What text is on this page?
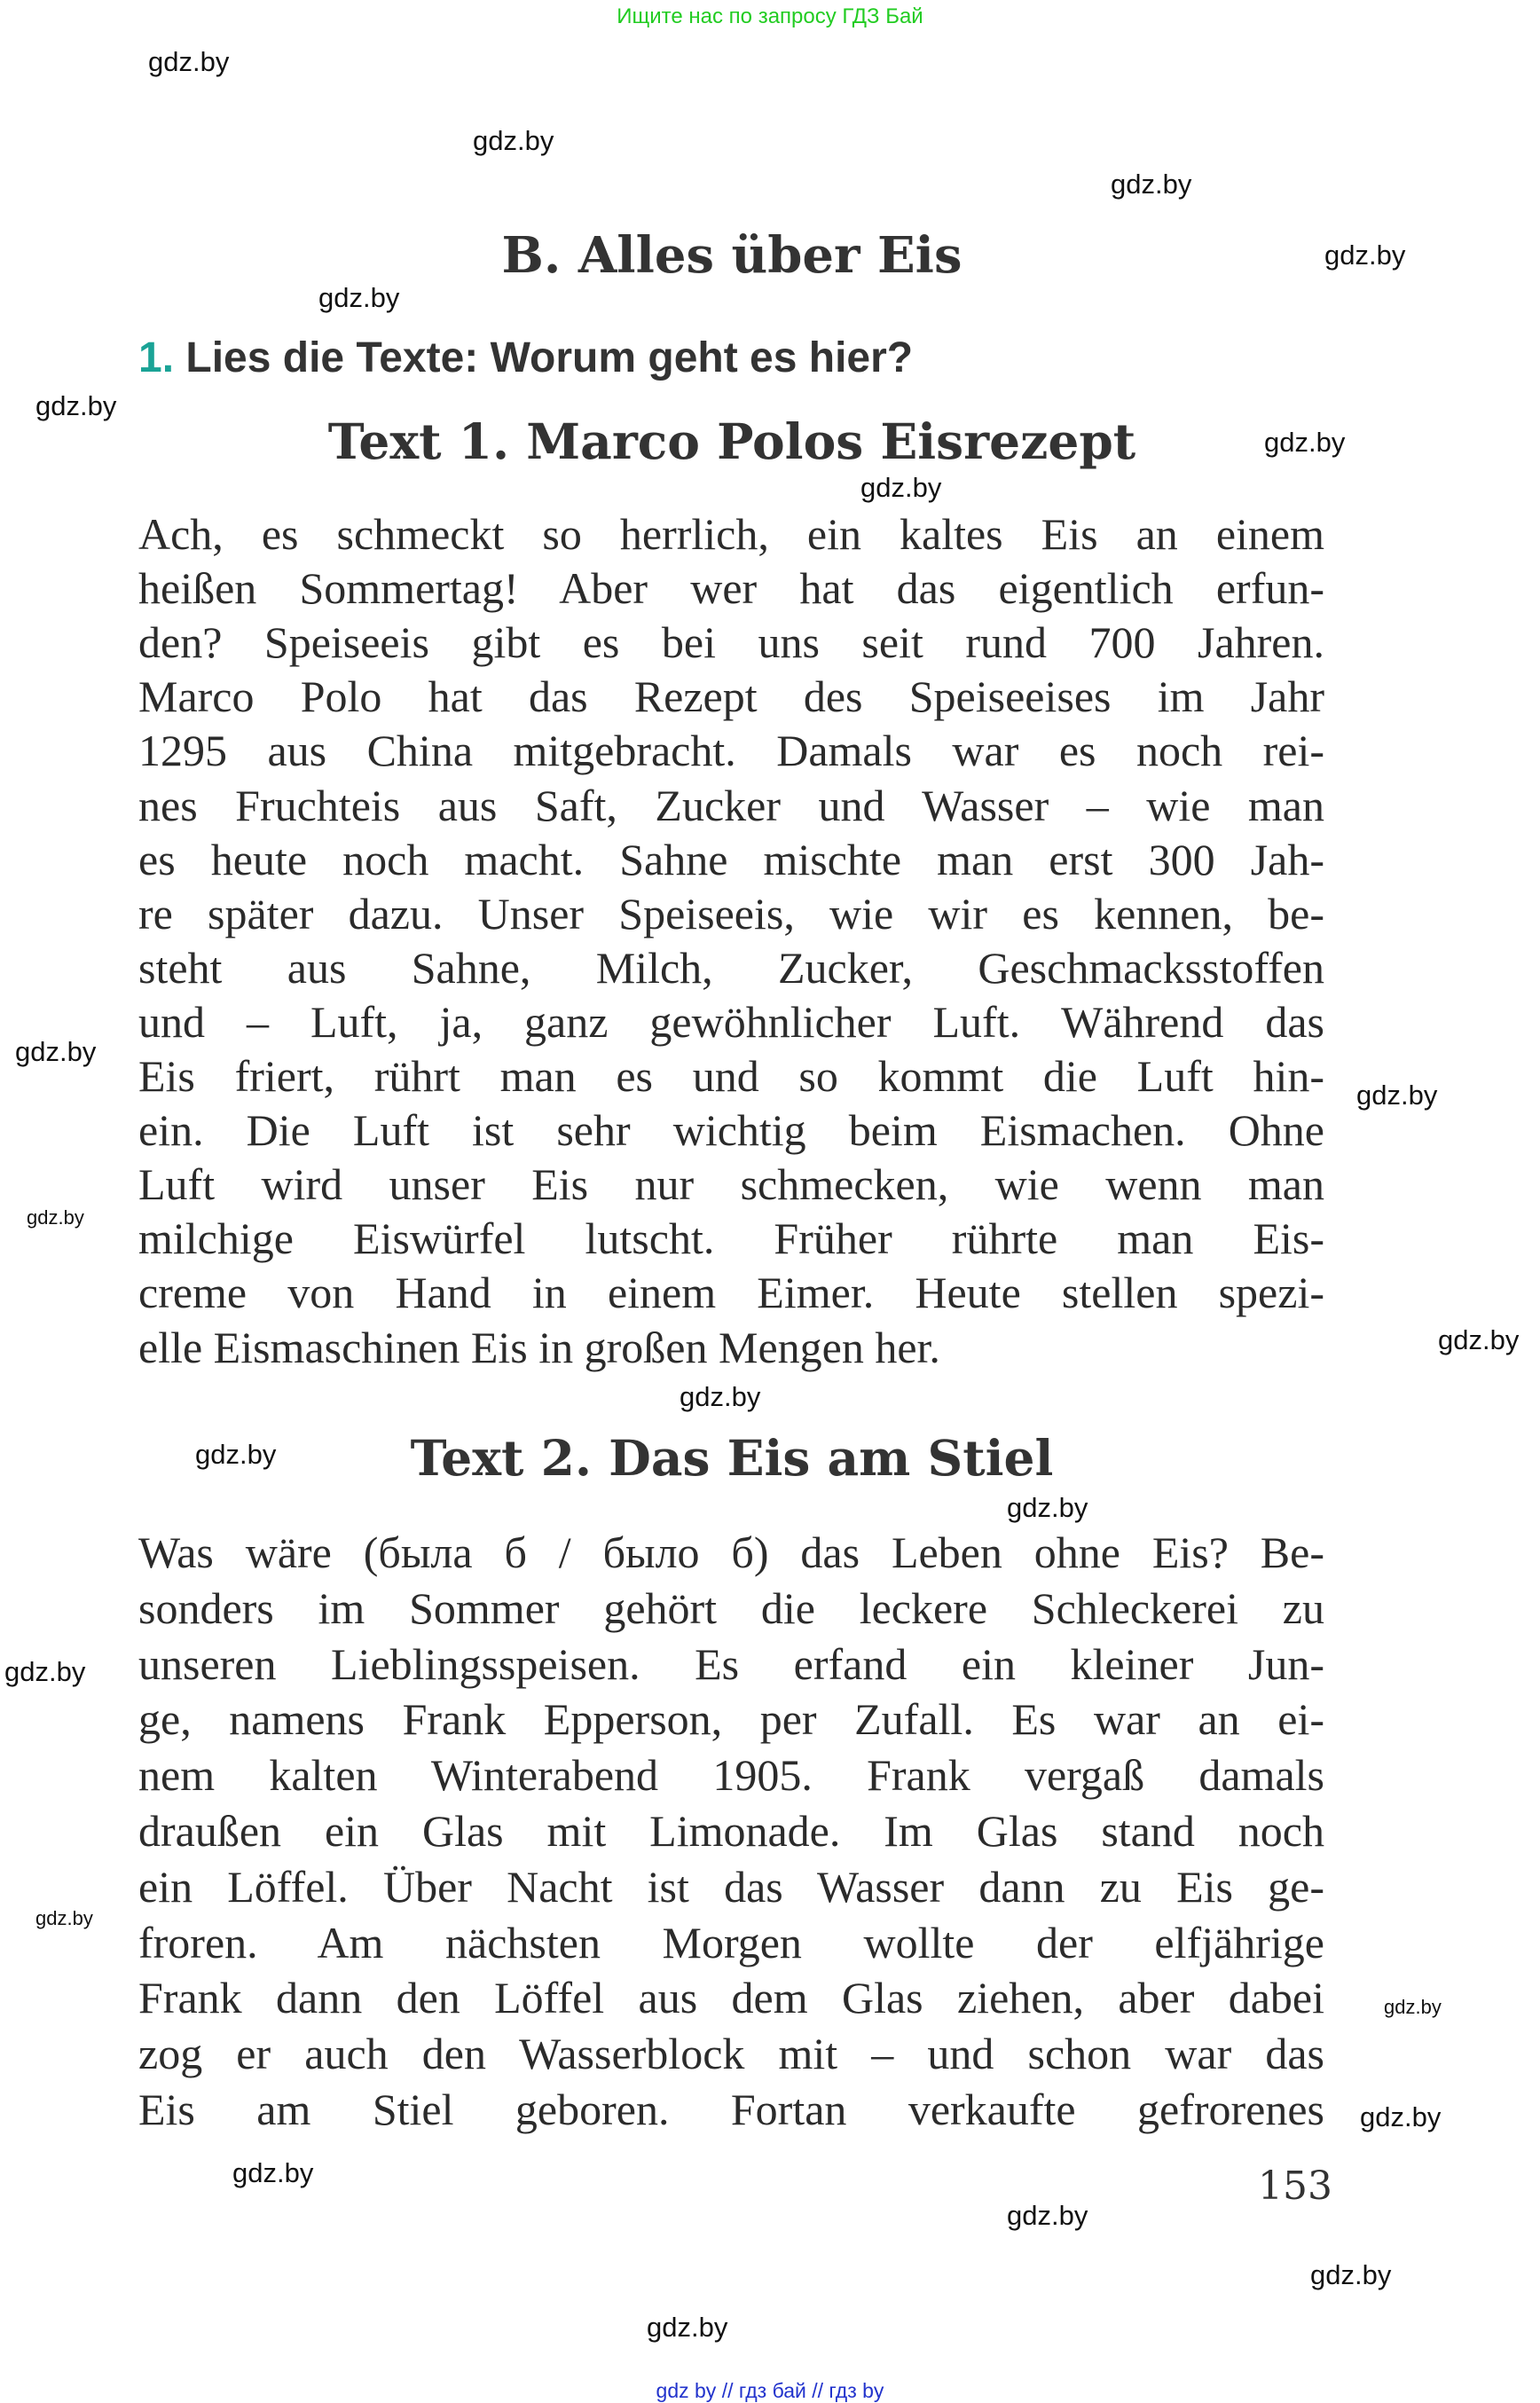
Ищите нас по запросу ГДЗ Бай
B. Alles über Eis
1. Lies die Texte: Worum geht es hier?
Text 1. Marco Polos Eisrezept
Ach, es schmeckt so herrlich, ein kaltes Eis an einem
heißen Sommertag! Aber wer hat das eigentlich erfun-
den? Speiseeis gibt es bei uns seit rund 700 Jahren.
Marco Polo hat das Rezept des Speiseeises im Jahr
1295 aus China mitgebracht. Damals war es noch rei-
nes Fruchteis aus Saft, Zucker und Wasser – wie man
es heute noch macht. Sahne mischte man erst 300 Jah-
re später dazu. Unser Speiseeis, wie wir es kennen, be-
steht aus Sahne, Milch, Zucker, Geschmacksstoffen
und – Luft, ja, ganz gewöhnlicher Luft. Während das
Eis friert, rührt man es und so kommt die Luft hin-
ein. Die Luft ist sehr wichtig beim Eismachen. Ohne
Luft wird unser Eis nur schmecken, wie wenn man
milchige Eiswürfel lutscht. Früher rührte man Eis-
creme von Hand in einem Eimer. Heute stellen spezi-
elle Eismaschinen Eis in großen Mengen her.
Text 2. Das Eis am Stiel
Was wäre (была б / было б) das Leben ohne Eis? Be-
sonders im Sommer gehört die leckere Schleckerei zu
unseren Lieblingsspeisen. Es erfand ein kleiner Jun-
ge, namens Frank Epperson, per Zufall. Es war an ei-
nem kalten Winterabend 1905. Frank vergaß damals
draußen ein Glas mit Limonade. Im Glas stand noch
ein Löffel. Über Nacht ist das Wasser dann zu Eis ge-
froren. Am nächsten Morgen wollte der elfjährige
Frank dann den Löffel aus dem Glas ziehen, aber dabei
zog er auch den Wasserblock mit – und schon war das
Eis am Stiel geboren. Fortan verkaufte gefrorenes
153
gdz.by
gdz.by
gdz.by
gdz.by
gdz.by
gdz.by
gdz.by
gdz.by
gdz.by
gdz.by
gdz.by
gdz.by
gdz.by
gdz.by
gdz.by
gdz.by
gdz.by
gdz.by
gdz.by
gdz.by
gdz.by
gdz.by
gdz.by
gdz by // гдз бай // гдз by
